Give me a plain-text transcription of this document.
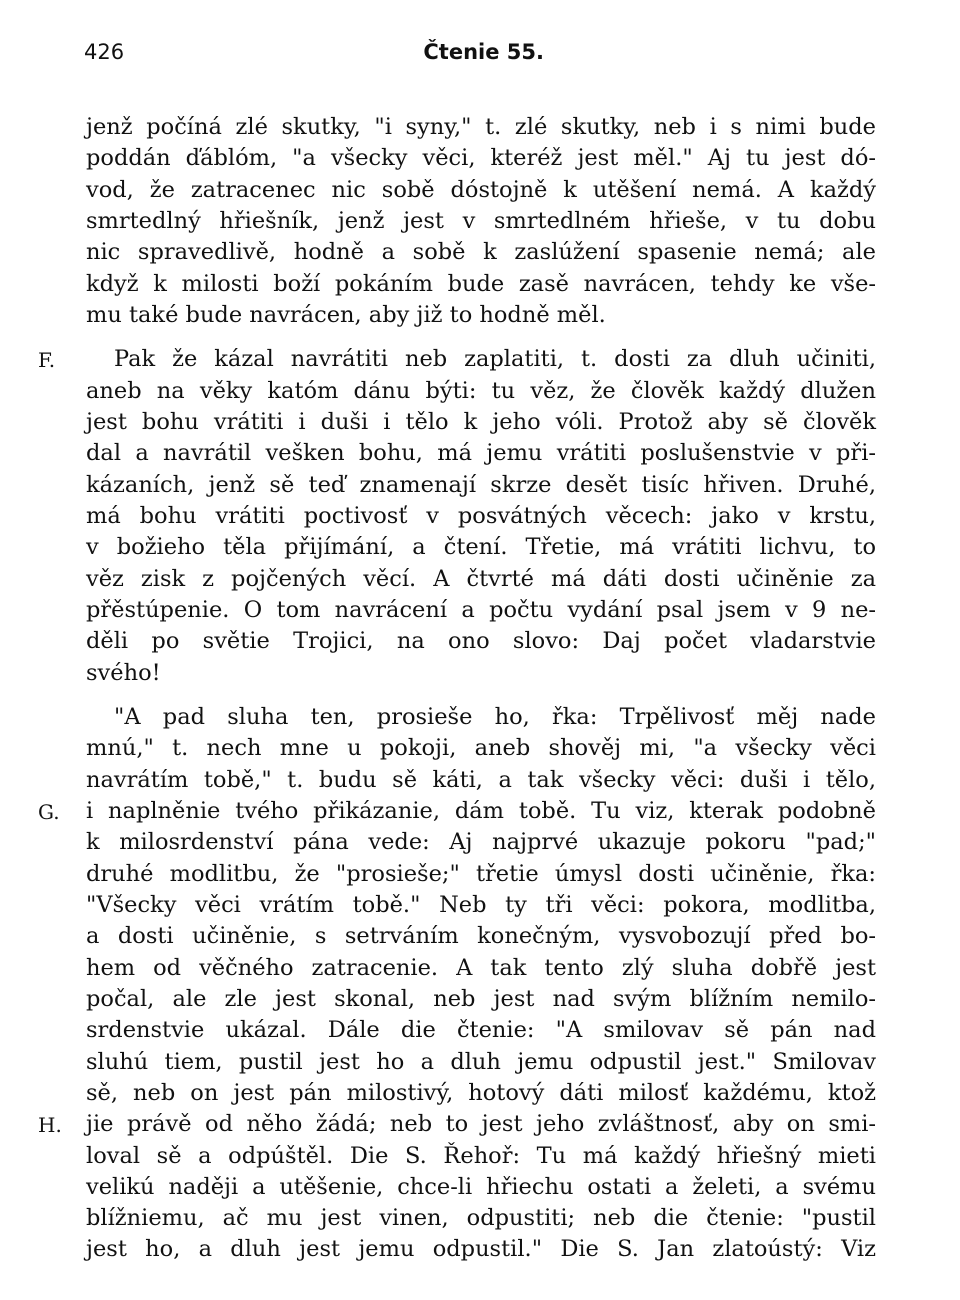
426	Čtenie 55.
jenž počíná zlé skutky, "i syny," t. zlé skutky, neb i s nimi bude
poddán ďáblóm, "a všecky věci, kteréž jest měl." Aj tu jest dó-
vod, že zatracenec nic sobě dóstojně k utěšení nemá. A každý
smrtedlný hřiešník, jenž jest v smrtedlném hřieše, v tu dobu
nic spravedlivě, hodně a sobě k zaslúžení spasenie nemá; ale
když k milosti boží pokáním bude zasě navrácen, tehdy ke vše-
mu také bude navrácen, aby již to hodně měl.
F.	Pak že kázal navrátiti neb zaplatiti, t. dosti za dluh učiniti,
aneb na věky katóm dánu býti: tu věz, že člověk každý dlužen
jest bohu vrátiti i duši i tělo k jeho vóli. Protož aby sě člověk
dal a navrátil vešken bohu, má jemu vrátiti poslušenstvie v při-
kázaních, jenž sě teď znamenají skrze desět tisíc hřiven. Druhé,
má bohu vrátiti poctivosť v posvátných věcech: jako v krstu,
v božieho těla přijímání, a čtení. Třetie, má vrátiti lichvu, to
věz zisk z pojčených věcí. A čtvrté má dáti dosti učiněnie za
přěstúpenie. O tom navrácení a počtu vydání psal jsem v 9 ne-
děli po světie Trojici, na ono slovo: Daj počet vladarstvie
svého!
"A pad sluha ten, prosieše ho, řka: Trpělivosť měj nade
mnú," t. nech mne u pokoji, aneb shověj mi, "a všecky věci
navrátím tobě," t. budu sě káti, a tak všecky věci: duši i tělo,
G. i naplněnie tvého přikázanie, dám tobě. Tu viz, kterak podobně
k milosrdenství pána vede: Aj najprvé ukazuje pokoru "pad;"
druhé modlitbu, že "prosieše;" třetie úmysl dosti učiněnie, řka:
"Všecky věci vrátím tobě." Neb ty tři věci: pokora, modlitba,
a dosti učiněnie, s setrváním konečným, vysvobozují před bo-
hem od věčného zatracenie. A tak tento zlý sluha dobřě jest
počal, ale zle jest skonal, neb jest nad svým blížním nemilo-
srdenstvie ukázal. Dále die čtenie: "A smilovav sě pán nad
sluhú tiem, pustil jest ho a dluh jemu odpustil jest." Smilovav
sě, neb on jest pán milostivý, hotový dáti milosť každému, ktož
H. jie právě od něho žádá; neb to jest jeho zvláštnosť, aby on smi-
loval sě a odpúštěl. Die S. Řehoř: Tu má každý hřiešný mieti
velikú naději a utěšenie, chce-li hřiechu ostati a želeti, a svému
blížniemu, ač mu jest vinen, odpustiti; neb die čtenie: "pustil
jest ho, a dluh jest jemu odpustil." Die S. Jan zlatoústý: Viz
